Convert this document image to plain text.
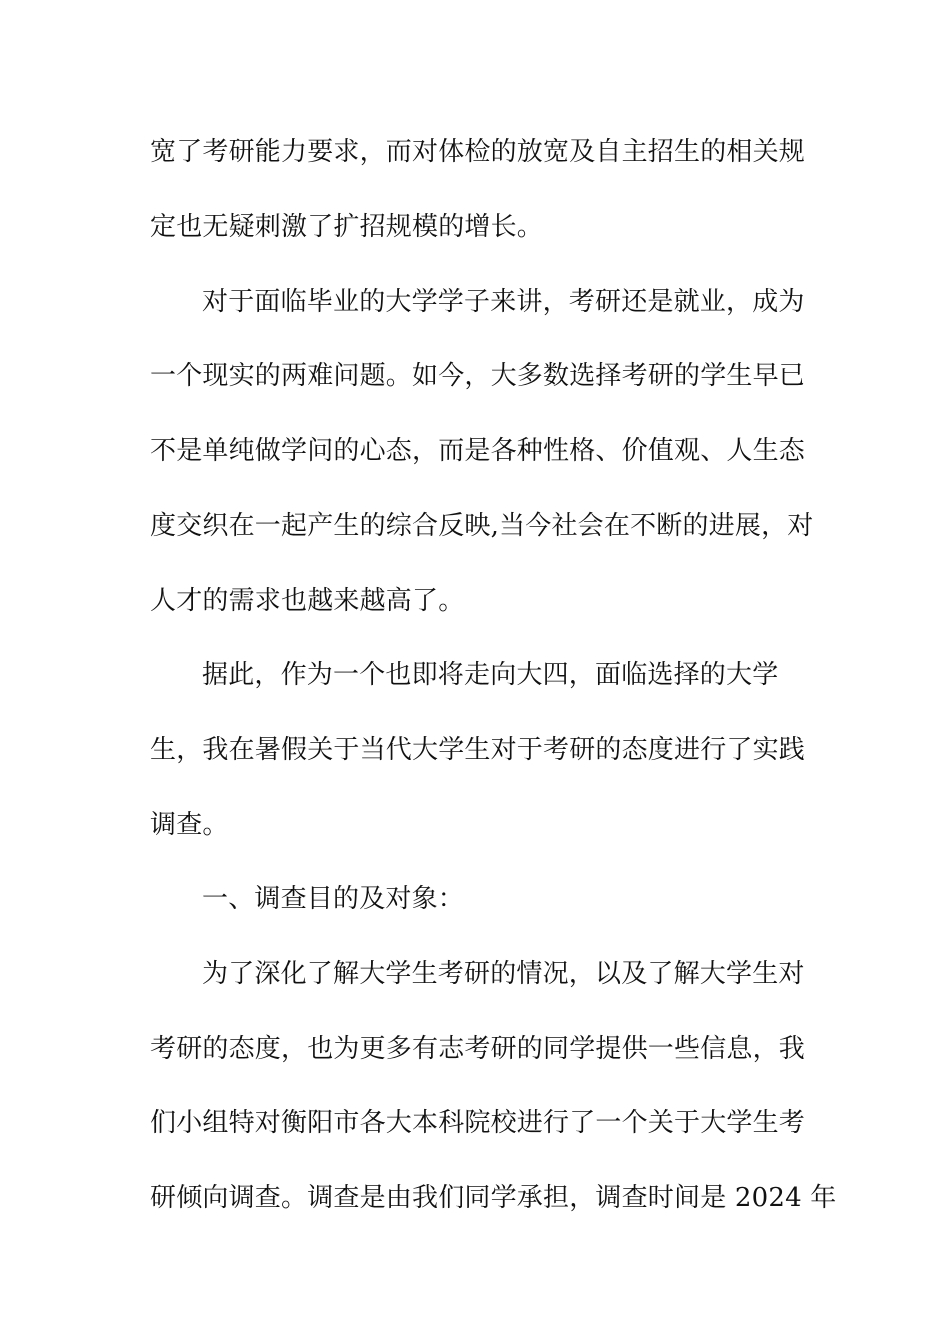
宽了考研能力要求，而对体检的放宽及自主招生的相关规
定也无疑刺激了扩招规模的增长。
对于面临毕业的大学学子来讲，考研还是就业，成为
一个现实的两难问题。如今，大多数选择考研的学生早已
不是单纯做学问的心态，而是各种性格、价值观、人生态
度交织在一起产生的综合反映,当今社会在不断的进展，对
人才的需求也越来越高了。
据此，作为一个也即将走向大四，面临选择的大学
生，我在暑假关于当代大学生对于考研的态度进行了实践
调查。
一、调查目的及对象：
为了深化了解大学生考研的情况，以及了解大学生对
考研的态度，也为更多有志考研的同学提供一些信息，我
们小组特对衡阳市各大本科院校进行了一个关于大学生考
研倾向调查。调查是由我们同学承担，调查时间是 2024 年
